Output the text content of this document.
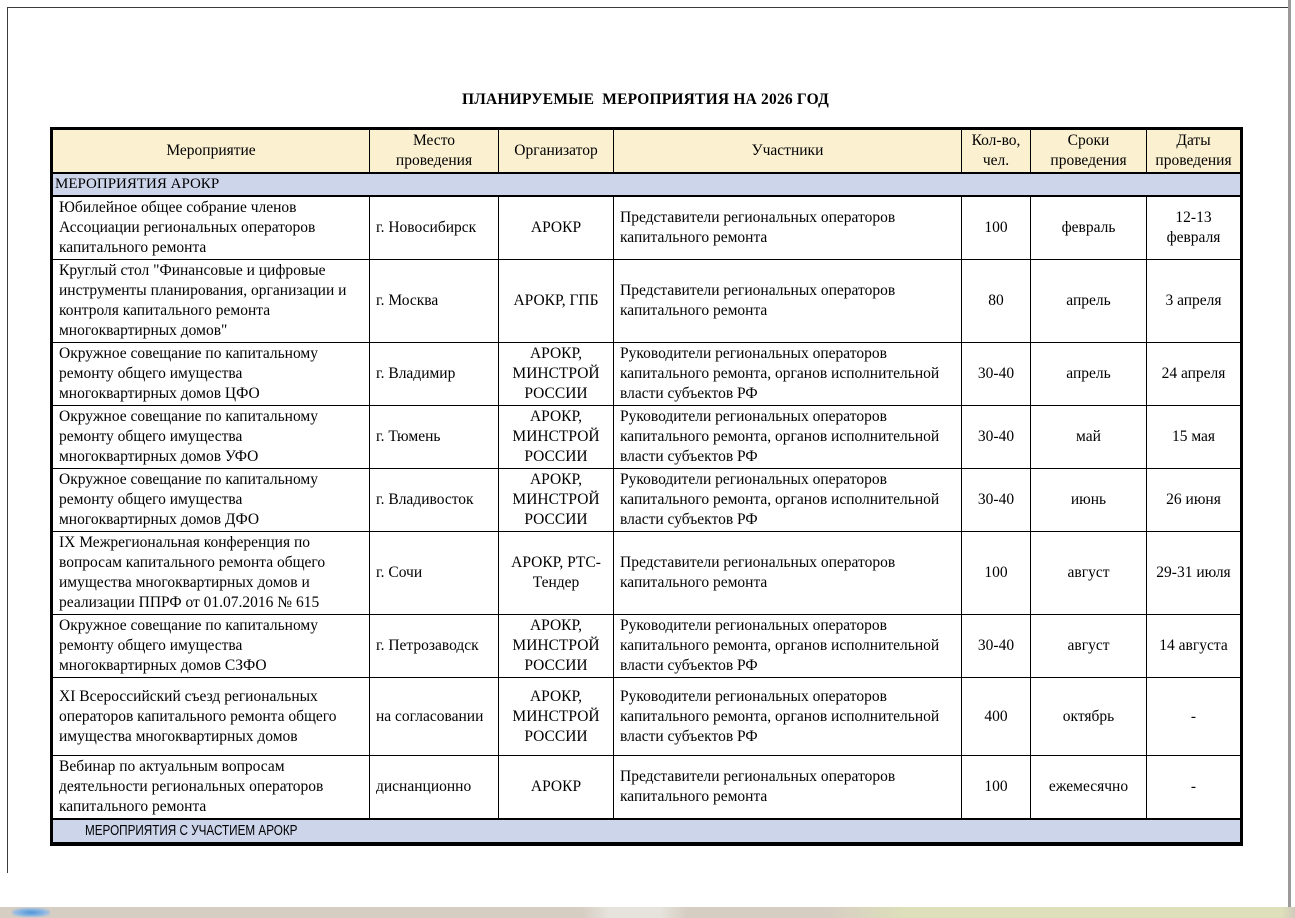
ПЛАНИРУЕМЫЕ  МЕРОПРИЯТИЯ НА 2026 ГОД
Мероприятие	Место проведения	Организатор	Участники	Кол-во, чел.	Сроки проведения	Даты проведения
МЕРОПРИЯТИЯ АРОКР						
Юбилейное общее собрание членов Ассоциации региональных операторов капитального ремонта	г. Новосибирск	АРОКР	Представители региональных операторов капитального ремонта	100	февраль	12-13 февраля
Круглый стол "Финансовые и цифровые инструменты планирования, организации и контроля капитального ремонта многоквартирных домов"	г. Москва	АРОКР, ГПБ	Представители региональных операторов капитального ремонта	80	апрель	3 апреля
Окружное совещание по капитальному ремонту общего имущества многоквартирных домов ЦФО	г. Владимир	АРОКР, МИНСТРОЙ РОССИИ	Руководители региональных операторов капитального ремонта, органов исполнительной власти субъектов РФ	30-40	апрель	24 апреля
Окружное совещание по капитальному ремонту общего имущества многоквартирных домов УФО	г. Тюмень	АРОКР, МИНСТРОЙ РОССИИ	Руководители региональных операторов капитального ремонта, органов исполнительной власти субъектов РФ	30-40	май	15 мая
Окружное совещание по капитальному ремонту общего имущества многоквартирных домов ДФО	г. Владивосток	АРОКР, МИНСТРОЙ РОССИИ	Руководители региональных операторов капитального ремонта, органов исполнительной власти субъектов РФ	30-40	июнь	26 июня
IX Межрегиональная конференция по вопросам капитального ремонта общего имущества многоквартирных домов и реализации ППРФ от 01.07.2016 № 615	г. Сочи	АРОКР, РТС-Тендер	Представители региональных операторов капитального ремонта	100	август	29-31 июля
Окружное совещание по капитальному ремонту общего имущества многоквартирных домов СЗФО	г. Петрозаводск	АРОКР, МИНСТРОЙ РОССИИ	Руководители региональных операторов капитального ремонта, органов исполнительной власти субъектов РФ	30-40	август	14 августа
XI Всероссийский съезд региональных операторов капитального ремонта общего имущества многоквартирных домов	на согласовании	АРОКР, МИНСТРОЙ РОССИИ	Руководители региональных операторов капитального ремонта, органов исполнительной власти субъектов РФ	400	октябрь	-
Вебинар по актуальным вопросам деятельности региональных операторов капитального ремонта	диснанционно	АРОКР	Представители региональных операторов капитального ремонта	100	ежемесячно	-
МЕРОПРИЯТИЯ С УЧАСТИЕМ АРОКР						
